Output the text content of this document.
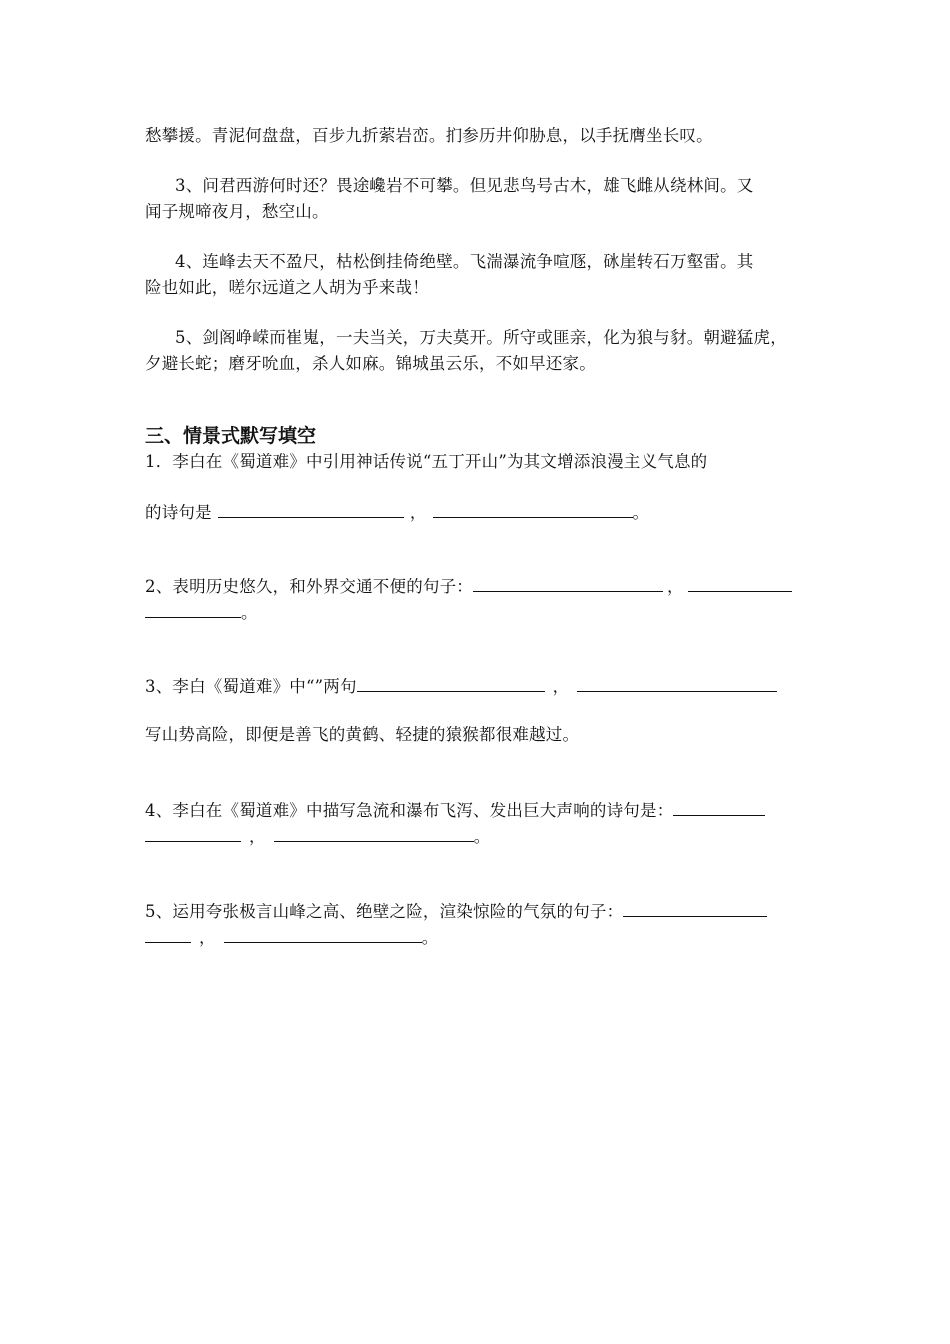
愁攀援。青泥何盘盘，百步九折萦岩峦。扪参历井仰胁息，以手抚膺坐长叹。
3、问君西游何时还？畏途巉岩不可攀。但见悲鸟号古木，雄飞雌从绕林间。又
闻子规啼夜月，愁空山。
4、连峰去天不盈尺，枯松倒挂倚绝壁。飞湍瀑流争喧豗，砯崖转石万壑雷。其
险也如此，嗟尔远道之人胡为乎来哉！
5、剑阁峥嵘而崔嵬，一夫当关，万夫莫开。所守或匪亲，化为狼与豺。朝避猛虎，
夕避长蛇；磨牙吮血，杀人如麻。锦城虽云乐，不如早还家。
三、情景式默写填空
1．李白在《蜀道难》中引用神话传说“五丁开山”为其文增添浪漫主义气息的
的诗句是	，	。
2、表明历史悠久，和外界交通不便的句子：	，
。
3、李白《蜀道难》中“”两句	，
写山势高险，即便是善飞的黄鹤、轻捷的猿猴都很难越过。
4、李白在《蜀道难》中描写急流和瀑布飞泻、发出巨大声响的诗句是：
，	。
5、运用夸张极言山峰之高、绝壁之险，渲染惊险的气氛的句子：
，	。
